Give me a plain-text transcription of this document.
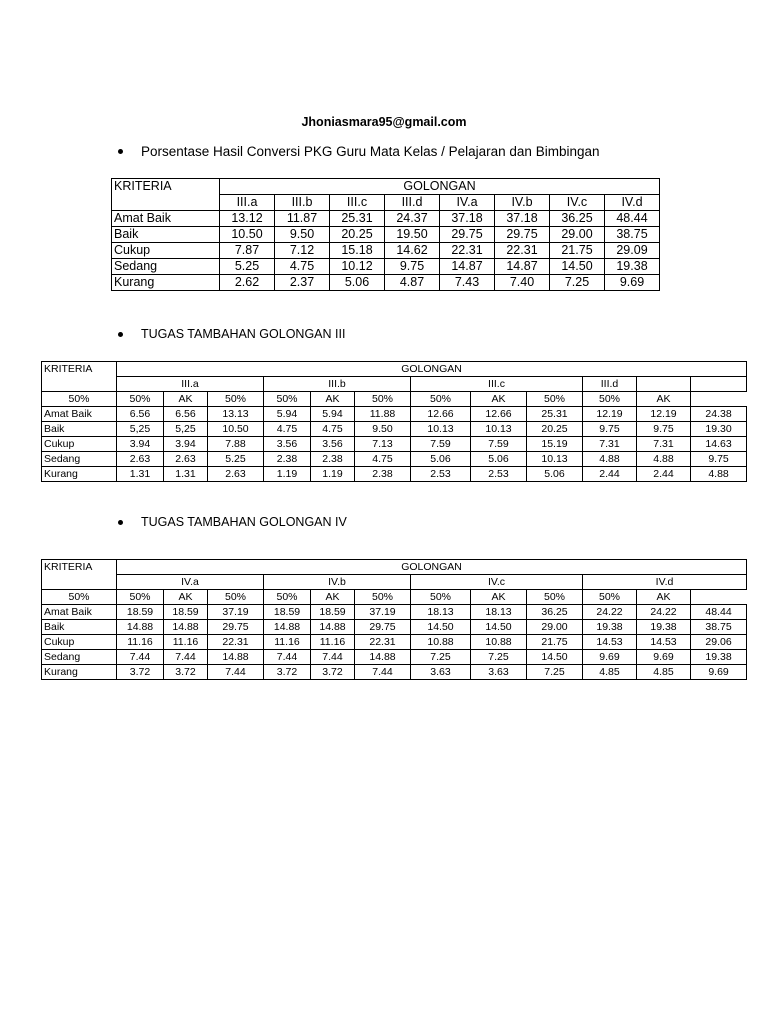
Jhoniasmara95@gmail.com

Porsentase Hasil Conversi PKG Guru Mata Kelas / Pelajaran dan Bimbingan
KRITERIA	GOLONGAN							
	III.a	III.b	III.c	III.d	IV.a	IV.b	IV.c	IV.d
Amat Baik	13.12	11.87	25.31	24.37	37.18	37.18	36.25	48.44
Baik	10.50	9.50	20.25	19.50	29.75	29.75	29.00	38.75
Cukup	7.87	7.12	15.18	14.62	22.31	22.31	21.75	29.09
Sedang	5.25	4.75	10.12	9.75	14.87	14.87	14.50	19.38
Kurang	2.62	2.37	5.06	4.87	7.43	7.40	7.25	9.69
TUGAS TAMBAHAN GOLONGAN III
KRITERIA	GOLONGAN											
	III.a			III.b			III.c			III.d		
50%	50%	AK	50%	50%	AK	50%	50%	AK	50%	50%	AK	
Amat Baik	6.56	6.56	13.13	5.94	5.94	11.88	12.66	12.66	25.31	12.19	12.19	24.38
Baik	5,25	5,25	10.50	4.75	4.75	9.50	10.13	10.13	20.25	9.75	9.75	19.30
Cukup	3.94	3.94	7.88	3.56	3.56	7.13	7.59	7.59	15.19	7.31	7.31	14.63
Sedang	2.63	2.63	5.25	2.38	2.38	4.75	5.06	5.06	10.13	4.88	4.88	9.75
Kurang	1.31	1.31	2.63	1.19	1.19	2.38	2.53	2.53	5.06	2.44	2.44	4.88
TUGAS TAMBAHAN GOLONGAN IV
KRITERIA	GOLONGAN											
	IV.a			IV.b			IV.c			IV.d		
50%	50%	AK	50%	50%	AK	50%	50%	AK	50%	50%	AK	
Amat Baik	18.59	18.59	37.19	18.59	18.59	37.19	18.13	18.13	36.25	24.22	24.22	48.44
Baik	14.88	14.88	29.75	14.88	14.88	29.75	14.50	14.50	29.00	19.38	19.38	38.75
Cukup	11.16	11.16	22.31	11.16	11.16	22.31	10.88	10.88	21.75	14.53	14.53	29.06
Sedang	7.44	7.44	14.88	7.44	7.44	14.88	7.25	7.25	14.50	9.69	9.69	19.38
Kurang	3.72	3.72	7.44	3.72	3.72	7.44	3.63	3.63	7.25	4.85	4.85	9.69
